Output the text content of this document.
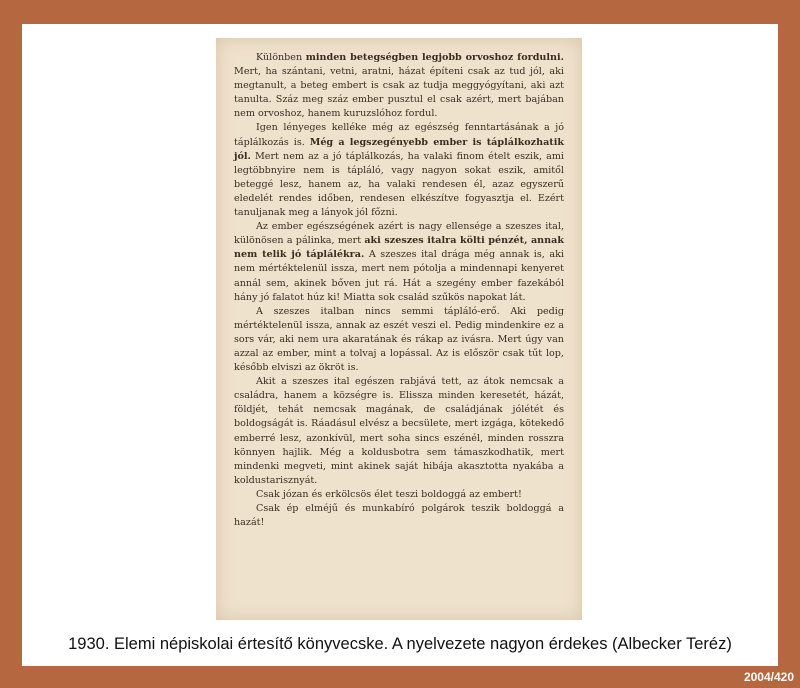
Különben minden betegségben legjobb orvoshoz fordulni. Mert, ha szántani, vetni, aratni, házat építeni csak az tud jól, aki megtanult, a beteg embert is csak az tudja meggyógyítani, aki azt tanulta. Száz meg száz ember pusztul el csak azért, mert bajában nem orvoshoz, hanem kuruzslóhoz fordul.

Igen lényeges kelléke még az egészség fenntartásának a jó táplálkozás is. Még a legszegényebb ember is táplálkozhatik jól. Mert nem az a jó táplálkozás, ha valaki finom ételt eszik, ami legtöbbnyire nem is tápláló, vagy nagyon sokat eszik, amitől beteggé lesz, hanem az, ha valaki rendesen él, azaz egyszerű eledelét rendes időben, rendesen elkészítve fogyasztja el. Ezért tanuljanak meg a lányok jól főzni.

Az ember egészségének azért is nagy ellensége a szeszes ital, különösen a pálinka, mert aki szeszes italra költi pénzét, annak nem telik jó táplálékra. A szeszes ital drága még annak is, aki nem mértéktelenül issza, mert nem pótolja a mindennapi kenyeret annál sem, akinek bőven jut rá. Hát a szegény ember fazekából hány jó falatot húz ki! Miatta sok család szűkös napokat lát.

A szeszes italban nincs semmi tápláló-erő. Aki pedig mértéktelenül issza, annak az eszét veszi el. Pedig mindenkire ez a sors vár, aki nem ura akaratának és rákap az ivásra. Mert úgy van azzal az ember, mint a tolvaj a lopással. Az is először csak tűt lop, később elviszi az ökröt is.

Akit a szeszes ital egészen rabjává tett, az átok nemcsak a családra, hanem a községre is. Elissza minden keresetét, házát, földjét, tehát nemcsak magának, de családjának jólétét és boldogságát is. Ráadásul elvész a becsülete, mert izgága, kötekedő emberré lesz, azonkívül, mert soha sincs eszénél, minden rosszra könnyen hajlik. Még a koldusbotra sem támaszkodhatik, mert mindenki megveti, mint akinek saját hibája akasztotta nyakába a koldustarisznyát.

Csak józan és erkölcsös élet teszi boldoggá az embert!

Csak ép elméjű és munkabíró polgárok teszik boldoggá a hazát!

1930. Elemi népiskolai értesítő könyvecske. A nyelvezete nagyon érdekes (Albecker Teréz)
2004/420
